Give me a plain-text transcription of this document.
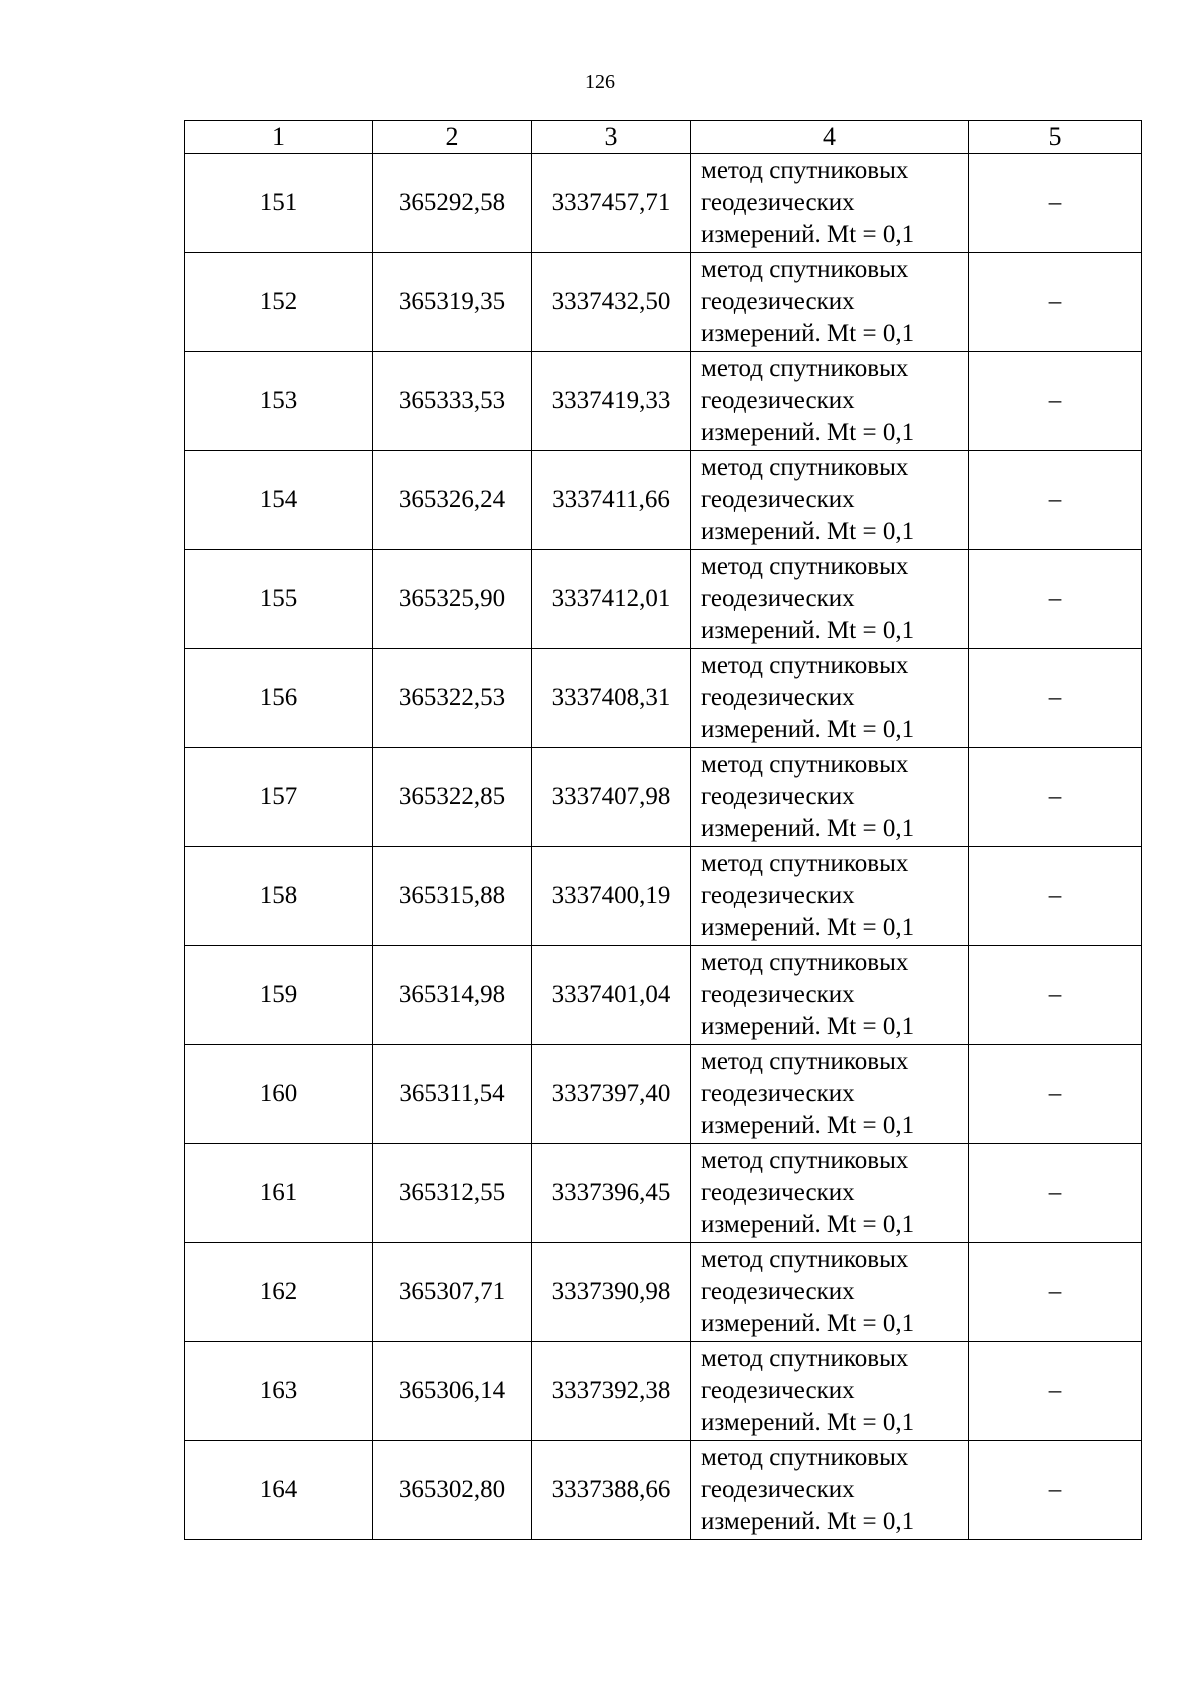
126
1	2	3	4	5
151	365292,58	3337457,71	метод спутниковых
геодезических
измерений. Mt = 0,1	–
152	365319,35	3337432,50	метод спутниковых
геодезических
измерений. Mt = 0,1	–
153	365333,53	3337419,33	метод спутниковых
геодезических
измерений. Mt = 0,1	–
154	365326,24	3337411,66	метод спутниковых
геодезических
измерений. Mt = 0,1	–
155	365325,90	3337412,01	метод спутниковых
геодезических
измерений. Mt = 0,1	–
156	365322,53	3337408,31	метод спутниковых
геодезических
измерений. Mt = 0,1	–
157	365322,85	3337407,98	метод спутниковых
геодезических
измерений. Mt = 0,1	–
158	365315,88	3337400,19	метод спутниковых
геодезических
измерений. Mt = 0,1	–
159	365314,98	3337401,04	метод спутниковых
геодезических
измерений. Mt = 0,1	–
160	365311,54	3337397,40	метод спутниковых
геодезических
измерений. Mt = 0,1	–
161	365312,55	3337396,45	метод спутниковых
геодезических
измерений. Mt = 0,1	–
162	365307,71	3337390,98	метод спутниковых
геодезических
измерений. Mt = 0,1	–
163	365306,14	3337392,38	метод спутниковых
геодезических
измерений. Mt = 0,1	–
164	365302,80	3337388,66	метод спутниковых
геодезических
измерений. Mt = 0,1	–
